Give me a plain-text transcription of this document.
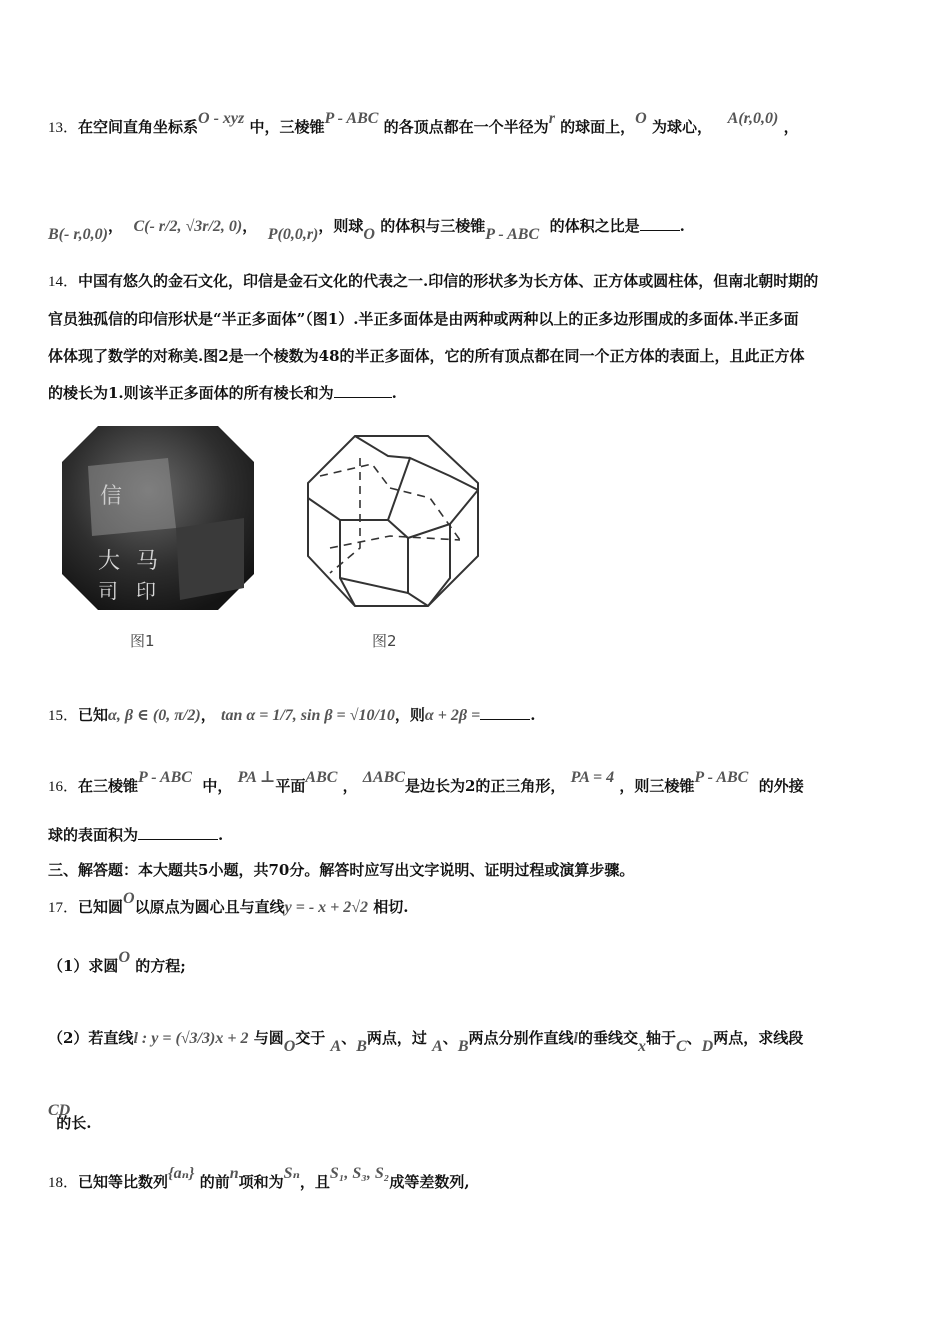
13．在空间直角坐标系O - xyz 中，三棱锥P - ABC 的各顶点都在一个半径为r 的球面上，O 为球心， A(r,0,0) ，
B(- r,0,0)， C(- r/2, √3r/2, 0)， P(0,0,r)，则球O 的体积与三棱锥P - ABC 的体积之比是	.
14．中国有悠久的金石文化，印信是金石文化的代表之一.印信的形状多为长方体、正方体或圆柱体，但南北朝时期的
官员独孤信的印信形状是“半正多面体”（图1）.半正多面体是由两种或两种以上的正多边形围成的多面体.半正多面
体体现了数学的对称美.图2是一个棱数为48的半正多面体，它的所有顶点都在同一个正方体的表面上，且此正方体
的棱长为1.则该半正多面体的所有棱长和为	.
信
大
司
马
印
图1	图2
15．已知α, β ∈ (0, π/2)， tan α = 1/7, sin β = √10/10，则α + 2β =	.
16．在三棱锥P - ABC 中， PA ⊥平面ABC ， ΔABC是边长为2的正三角形， PA = 4 ，则三棱锥P - ABC 的外接
球的表面积为	.
三、解答题：本大题共5小题，共70分。解答时应写出文字说明、证明过程或演算步骤。
17．已知圆O以原点为圆心且与直线y = - x + 2√2 相切.
（1）求圆O 的方程;
（2）若直线l : y = (√3/3)x + 2 与圆O交于 A、B两点，过 A、B两点分别作直线l的垂线交x轴于C、D两点，求线段
CD的长.
18．已知等比数列{aₙ} 的前n项和为Sₙ，且S₁, S₃, S₂成等差数列,
